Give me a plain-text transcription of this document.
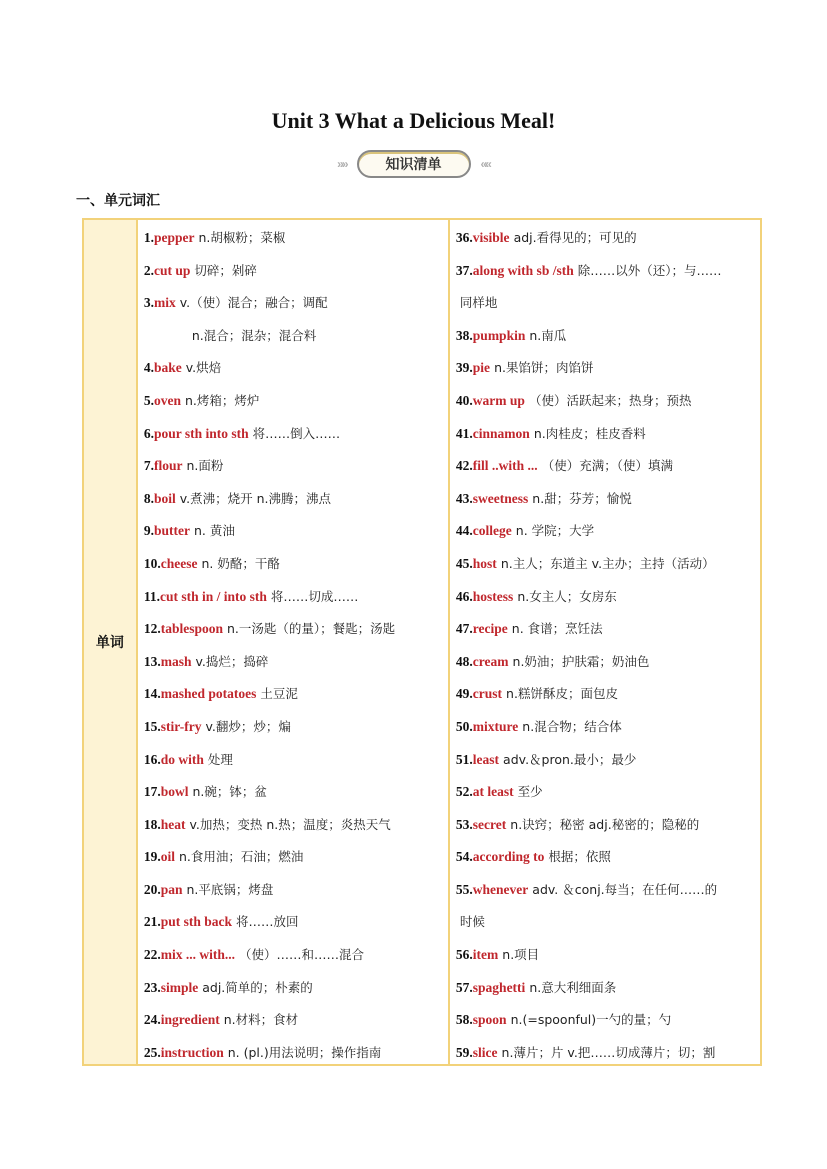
Unit 3 What a Delicious Meal!
»»	知识清单	««
一、单元词汇
单词
1.pepper n.胡椒粉；菜椒
2.cut up 切碎；剁碎
3.mix v.（使）混合；融合；调配
n.混合；混杂；混合料
4.bake v.烘焙
5.oven n.烤箱；烤炉
6.pour sth into sth 将……倒入……
7.flour n.面粉
8.boil v.煮沸；烧开 n.沸腾；沸点
9.butter n. 黄油
10.cheese n. 奶酪；干酪
11.cut sth in / into sth 将……切成……
12.tablespoon n.一汤匙（的量）；餐匙；汤匙
13.mash v.捣烂；捣碎
14.mashed potatoes 土豆泥
15.stir-fry v.翻炒；炒；煸
16.do with 处理
17.bowl n.碗；钵；盆
18.heat v.加热；变热 n.热；温度；炎热天气
19.oil n.食用油；石油；燃油
20.pan n.平底锅；烤盘
21.put sth back 将……放回
22.mix ... with... （使）……和……混合
23.simple adj.简单的；朴素的
24.ingredient n.材料；食材
25.instruction n. (pl.)用法说明；操作指南
36.visible adj.看得见的；可见的
37.along with sb /sth 除……以外（还）；与……
同样地
38.pumpkin n.南瓜
39.pie n.果馅饼；肉馅饼
40.warm up （使）活跃起来；热身；预热
41.cinnamon n.肉桂皮；桂皮香料
42.fill ..with ... （使）充满；（使）填满
43.sweetness n.甜；芬芳；愉悦
44.college n. 学院；大学
45.host n.主人；东道主 v.主办；主持（活动）
46.hostess n.女主人；女房东
47.recipe n. 食谱；烹饪法
48.cream n.奶油；护肤霜；奶油色
49.crust n.糕饼酥皮；面包皮
50.mixture n.混合物；结合体
51.least adv.＆pron.最小；最少
52.at least 至少
53.secret n.诀窍；秘密 adj.秘密的；隐秘的
54.according to 根据；依照
55.whenever adv. ＆conj.每当；在任何……的
时候
56.item n.项目
57.spaghetti n.意大利细面条
58.spoon n.(=spoonful)一勺的量；勺
59.slice n.薄片；片 v.把……切成薄片；切；割
